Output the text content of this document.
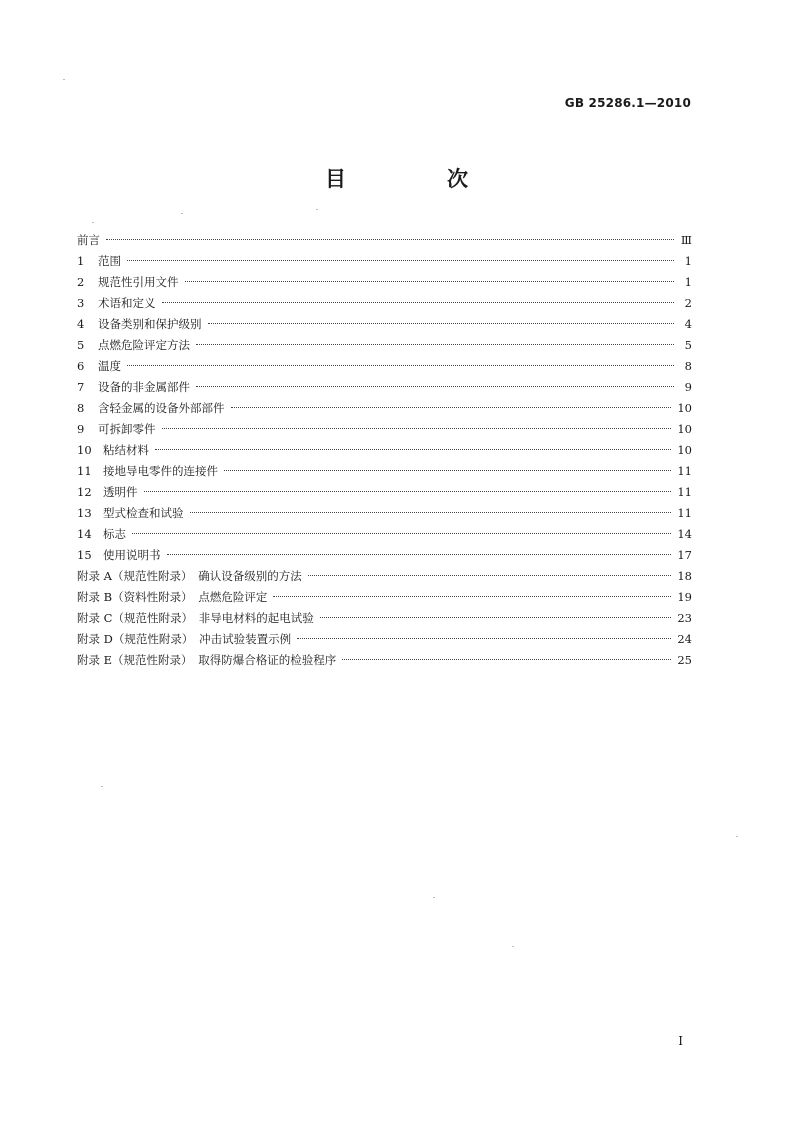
GB 25286.1—2010
目　次
前言	Ⅲ
1 范围	1
2 规范性引用文件	1
3 术语和定义	2
4 设备类别和保护级别	4
5 点燃危险评定方法	5
6 温度	8
7 设备的非金属部件	9
8 含轻金属的设备外部部件	10
9 可拆卸零件	10
10 粘结材料	10
11 接地导电零件的连接件	11
12 透明件	11
13 型式检查和试验	11
14 标志	14
15 使用说明书	17
附录 A（规范性附录）　确认设备级别的方法	18
附录 B（资料性附录）　点燃危险评定	19
附录 C（规范性附录）　非导电材料的起电试验	23
附录 D（规范性附录）　冲击试验装置示例	24
附录 E（规范性附录）　取得防爆合格证的检验程序	25
I
